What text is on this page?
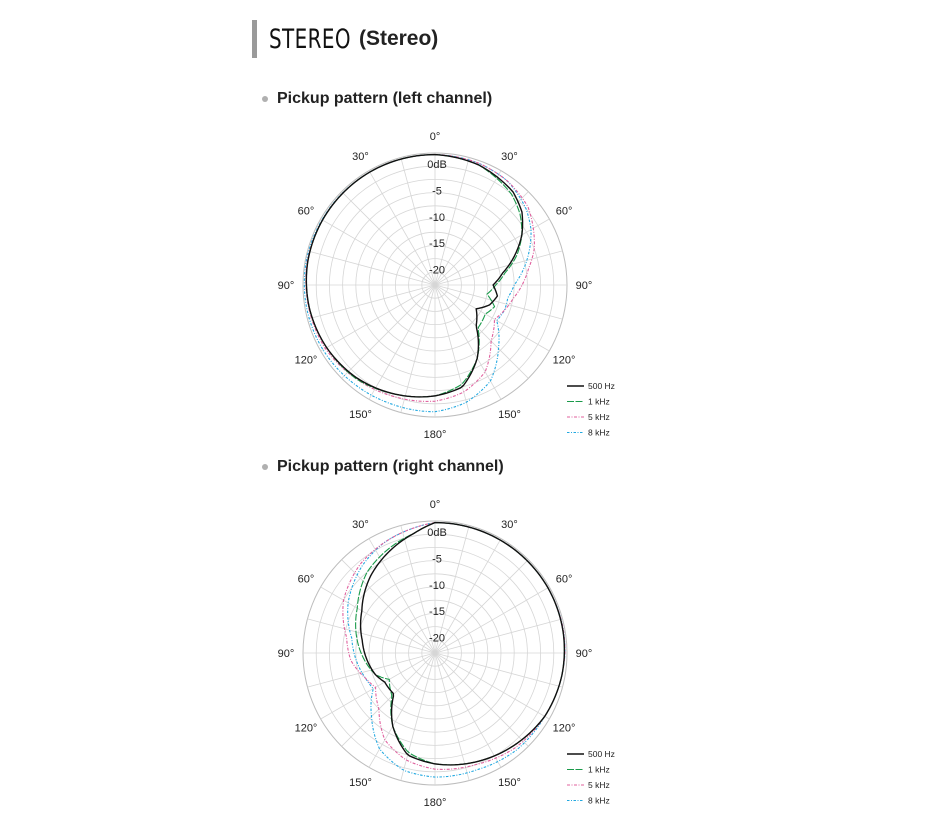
STEREO (Stereo)
Pickup pattern (left channel)
0°
30°
60°
90°
120°
150°
180°
150°
120°
90°
60°
30°
0dB
-5
-10
-15
-20
500 Hz
1 kHz
5 kHz
8 kHz
Pickup pattern (right channel)
0°
30°
60°
90°
120°
150°
180°
150°
120°
90°
60°
30°
0dB
-5
-10
-15
-20
500 Hz
1 kHz
5 kHz
8 kHz
